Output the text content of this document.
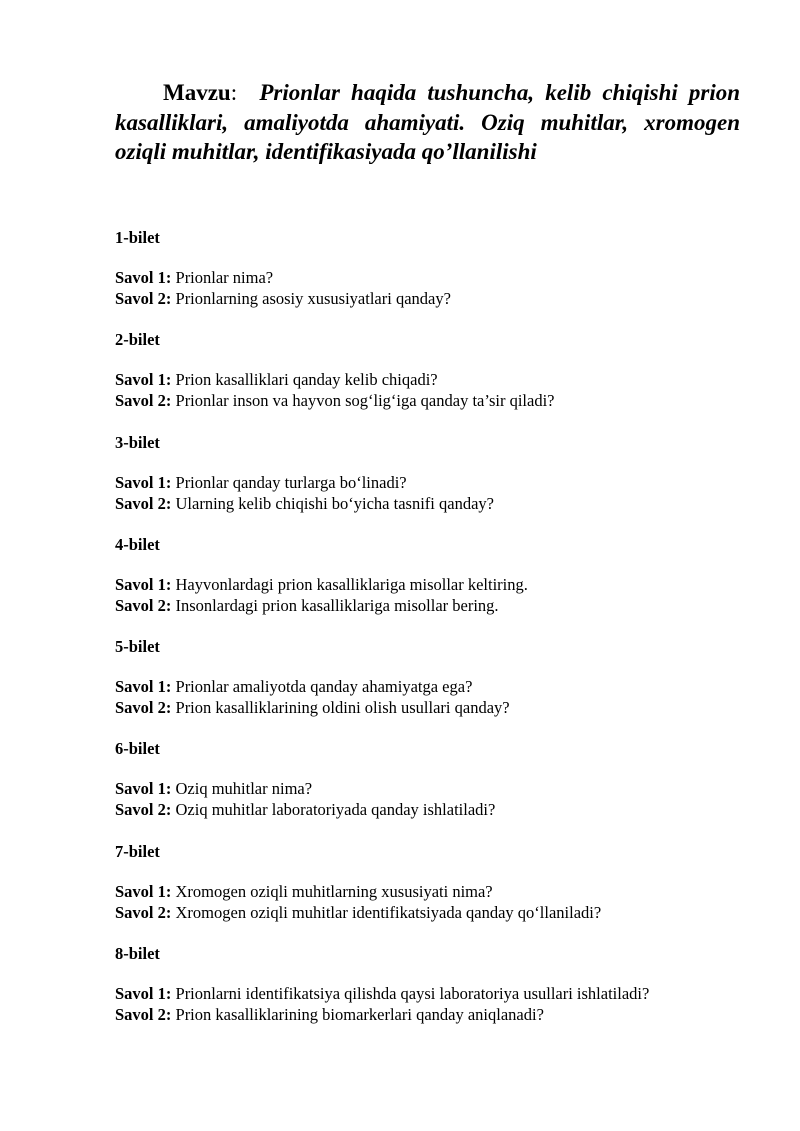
Mavzu: Prionlar haqida tushuncha, kelib chiqishi prion kasalliklari, amaliyotda ahamiyati. Oziq muhitlar, xromogen oziqli muhitlar, identifikasiyada qo’llanilishi
1-bilet
Savol 1: Prionlar nima?
Savol 2: Prionlarning asosiy xususiyatlari qanday?
2-bilet
Savol 1: Prion kasalliklari qanday kelib chiqadi?
Savol 2: Prionlar inson va hayvon sog‘lig‘iga qanday ta’sir qiladi?
3-bilet
Savol 1: Prionlar qanday turlarga bo‘linadi?
Savol 2: Ularning kelib chiqishi bo‘yicha tasnifi qanday?
4-bilet
Savol 1: Hayvonlardagi prion kasalliklariga misollar keltiring.
Savol 2: Insonlardagi prion kasalliklariga misollar bering.
5-bilet
Savol 1: Prionlar amaliyotda qanday ahamiyatga ega?
Savol 2: Prion kasalliklarining oldini olish usullari qanday?
6-bilet
Savol 1: Oziq muhitlar nima?
Savol 2: Oziq muhitlar laboratoriyada qanday ishlatiladi?
7-bilet
Savol 1: Xromogen oziqli muhitlarning xususiyati nima?
Savol 2: Xromogen oziqli muhitlar identifikatsiyada qanday qo‘llaniladi?
8-bilet
Savol 1: Prionlarni identifikatsiya qilishda qaysi laboratoriya usullari ishlatiladi?
Savol 2: Prion kasalliklarining biomarkerlari qanday aniqlanadi?
